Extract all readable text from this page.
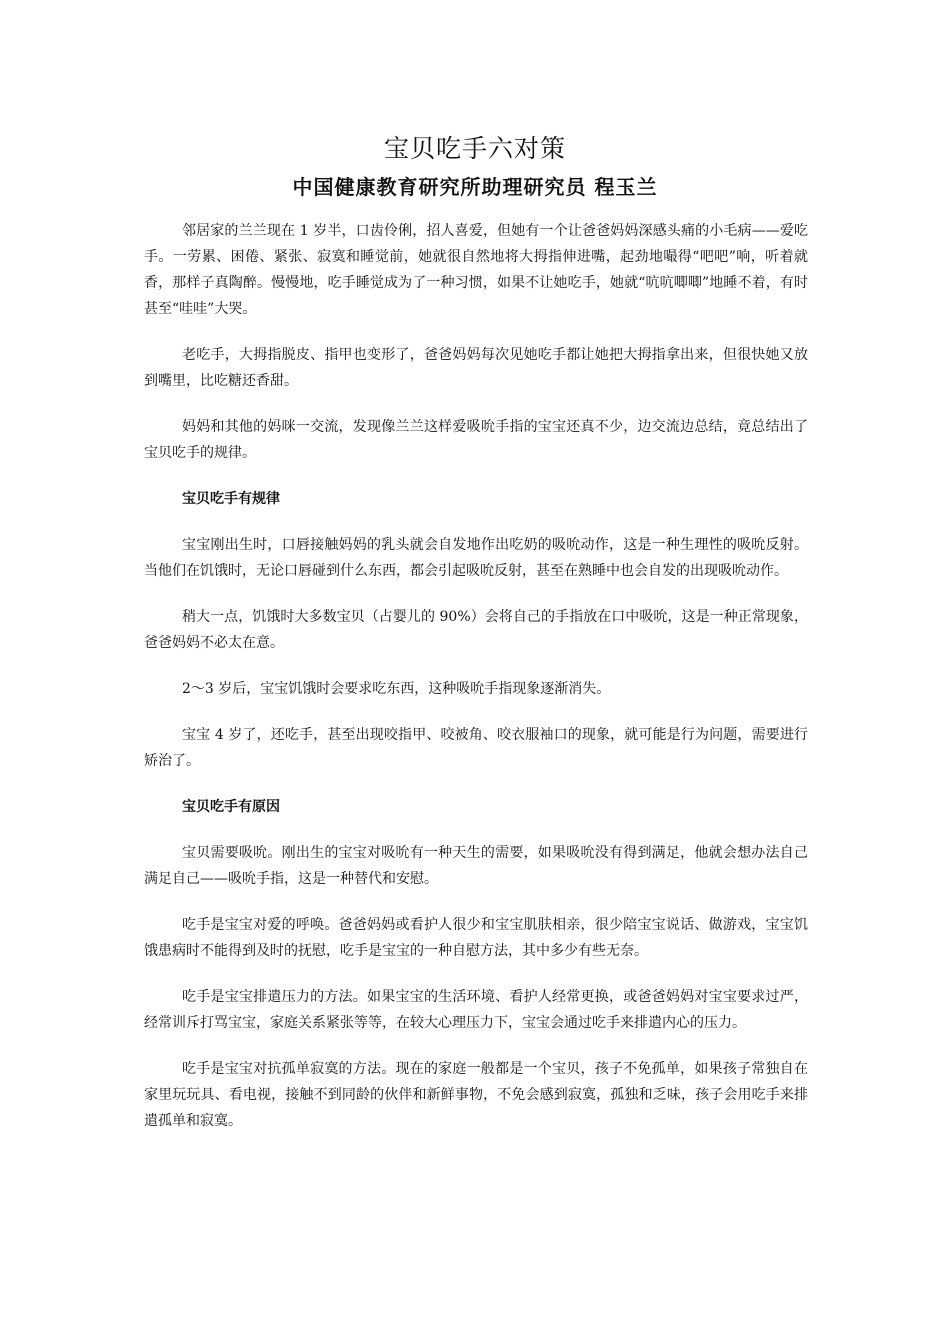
宝贝吃手六对策
中国健康教育研究所助理研究员 程玉兰

邻居家的兰兰现在 1 岁半，口齿伶俐，招人喜爱，但她有一个让爸爸妈妈深感头痛的小毛病——爱吃手。一劳累、困倦、紧张、寂寞和睡觉前，她就很自然地将大拇指伸进嘴，起劲地嘬得“吧吧”响，听着就香，那样子真陶醉。慢慢地，吃手睡觉成为了一种习惯，如果不让她吃手，她就“吭吭唧唧”地睡不着，有时甚至“哇哇”大哭。

老吃手，大拇指脱皮、指甲也变形了，爸爸妈妈每次见她吃手都让她把大拇指拿出来，但很快她又放到嘴里，比吃糖还香甜。

妈妈和其他的妈咪一交流，发现像兰兰这样爱吸吮手指的宝宝还真不少，边交流边总结，竟总结出了宝贝吃手的规律。

宝贝吃手有规律

宝宝刚出生时，口唇接触妈妈的乳头就会自发地作出吃奶的吸吮动作，这是一种生理性的吸吮反射。当他们在饥饿时，无论口唇碰到什么东西，都会引起吸吮反射，甚至在熟睡中也会自发的出现吸吮动作。

稍大一点，饥饿时大多数宝贝（占婴儿的 90%）会将自己的手指放在口中吸吮，这是一种正常现象，爸爸妈妈不必太在意。

2～3 岁后，宝宝饥饿时会要求吃东西，这种吸吮手指现象逐渐消失。

宝宝 4 岁了，还吃手，甚至出现咬指甲、咬被角、咬衣服袖口的现象，就可能是行为问题，需要进行矫治了。

宝贝吃手有原因

宝贝需要吸吮。刚出生的宝宝对吸吮有一种天生的需要，如果吸吮没有得到满足，他就会想办法自己满足自己——吸吮手指，这是一种替代和安慰。

吃手是宝宝对爱的呼唤。爸爸妈妈或看护人很少和宝宝肌肤相亲，很少陪宝宝说话、做游戏，宝宝饥饿患病时不能得到及时的抚慰，吃手是宝宝的一种自慰方法，其中多少有些无奈。

吃手是宝宝排遣压力的方法。如果宝宝的生活环境、看护人经常更换，或爸爸妈妈对宝宝要求过严，经常训斥打骂宝宝，家庭关系紧张等等，在较大心理压力下，宝宝会通过吃手来排遣内心的压力。

吃手是宝宝对抗孤单寂寞的方法。现在的家庭一般都是一个宝贝，孩子不免孤单，如果孩子常独自在家里玩玩具、看电视，接触不到同龄的伙伴和新鲜事物，不免会感到寂寞，孤独和乏味，孩子会用吃手来排遣孤单和寂寞。
